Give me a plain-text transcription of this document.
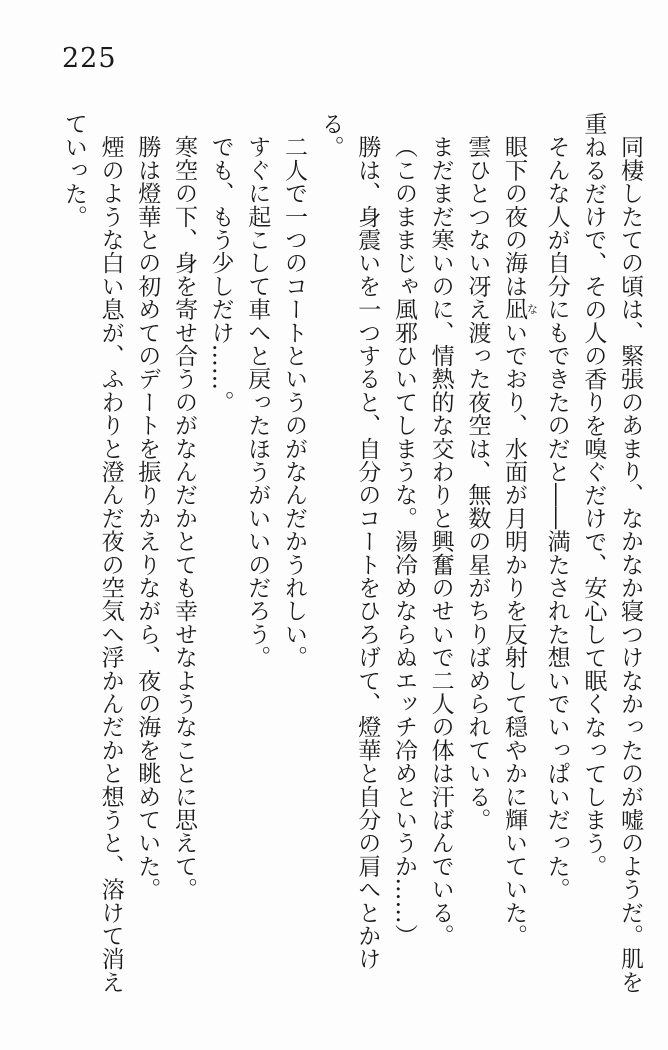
225

同棲したての頃は、緊張のあまり、なかなか寝つけなかったのが嘘のようだ。肌を重ねるだけで、その人の香りを嗅ぐだけで、安心して眠くなってしまう。

そんな人が自分にもできたのだと――満たされた想いでいっぱいだった。

眼下の夜の海は凪ないでおり、水面が月明かりを反射して穏やかに輝いていた。

雲ひとつない冴え渡った夜空は、無数の星がちりばめられている。

まだまだ寒いのに、情熱的な交わりと興奮のせいで二人の体は汗ばんでいる。

（このままじゃ風邪ひいてしまうな。湯冷めならぬエッチ冷めというか……）

勝は、身震いを一つすると、自分のコートをひろげて、燈華と自分の肩へとかける。

二人で一つのコートというのがなんだかうれしい。

すぐに起こして車へと戻ったほうがいいのだろう。

でも、もう少しだけ……。

寒空の下、身を寄せ合うのがなんだかとても幸せなようなことに思えて。

勝は燈華との初めてのデートを振りかえりながら、夜の海を眺めていた。

煙のような白い息が、ふわりと澄んだ夜の空気へ浮かんだかと想うと、溶けて消えていった。
